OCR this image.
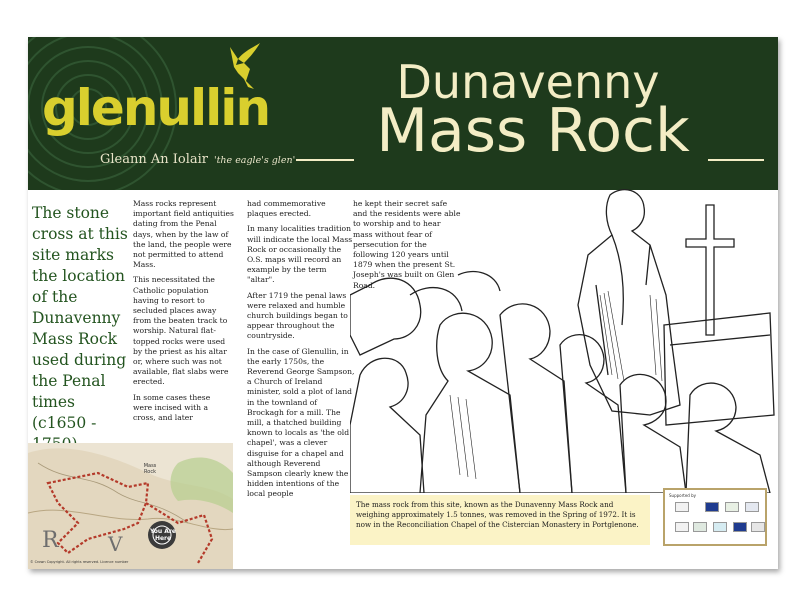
glenullin
Gleann An Iolair 'the eagle's glen'
Dunavenny
Mass Rock
The stone cross at this site marks the location of the Dunavenny Mass Rock used during the Penal times (c1650 -

Mass rocks represent important field antiquities dating from the Penal days, when by the law of the land, the people were not permitted to attend Mass.

This necessitated the Catholic population having to resort to secluded places away from the beaten track to worship. Natural flat-topped rocks were used by the priest as his altar or, where such was not available, flat slabs were erected.

In some cases these were incised with a cross, and later

had commemorative plaques erected.

In many localities tradition will indicate the local Mass Rock or occasionally the O.S. maps will record an example by the term "altar".

After 1719 the penal laws were relaxed and humble church buildings began to appear throughout the countryside.

In the case of Glenullin, in the early 1750s, the Reverend George Sampson, a Church of Ireland minister, sold a plot of land in the townland of Brockagh for a mill. The mill, a thatched building known to locals as 'the old chapel', was a clever disguise for a chapel and although Reverend Sampson clearly knew the hidden intentions of the local people

he kept their secret safe and the residents were able to worship and to hear mass without fear of persecution for the following 120 years until 1879 when the present St. Joseph's was built on Glen Road.

The mass rock from this site, known as the Dunavenny Mass Rock and weighing approximately 1.5 tonnes, was removed in the Spring of 1972. It is now in the Reconciliation Chapel of the Cistercian Monastery in Portglenone.
Supported by
R V
Mass Rock
You Are Here
© Crown Copyright. All rights reserved. Licence number
